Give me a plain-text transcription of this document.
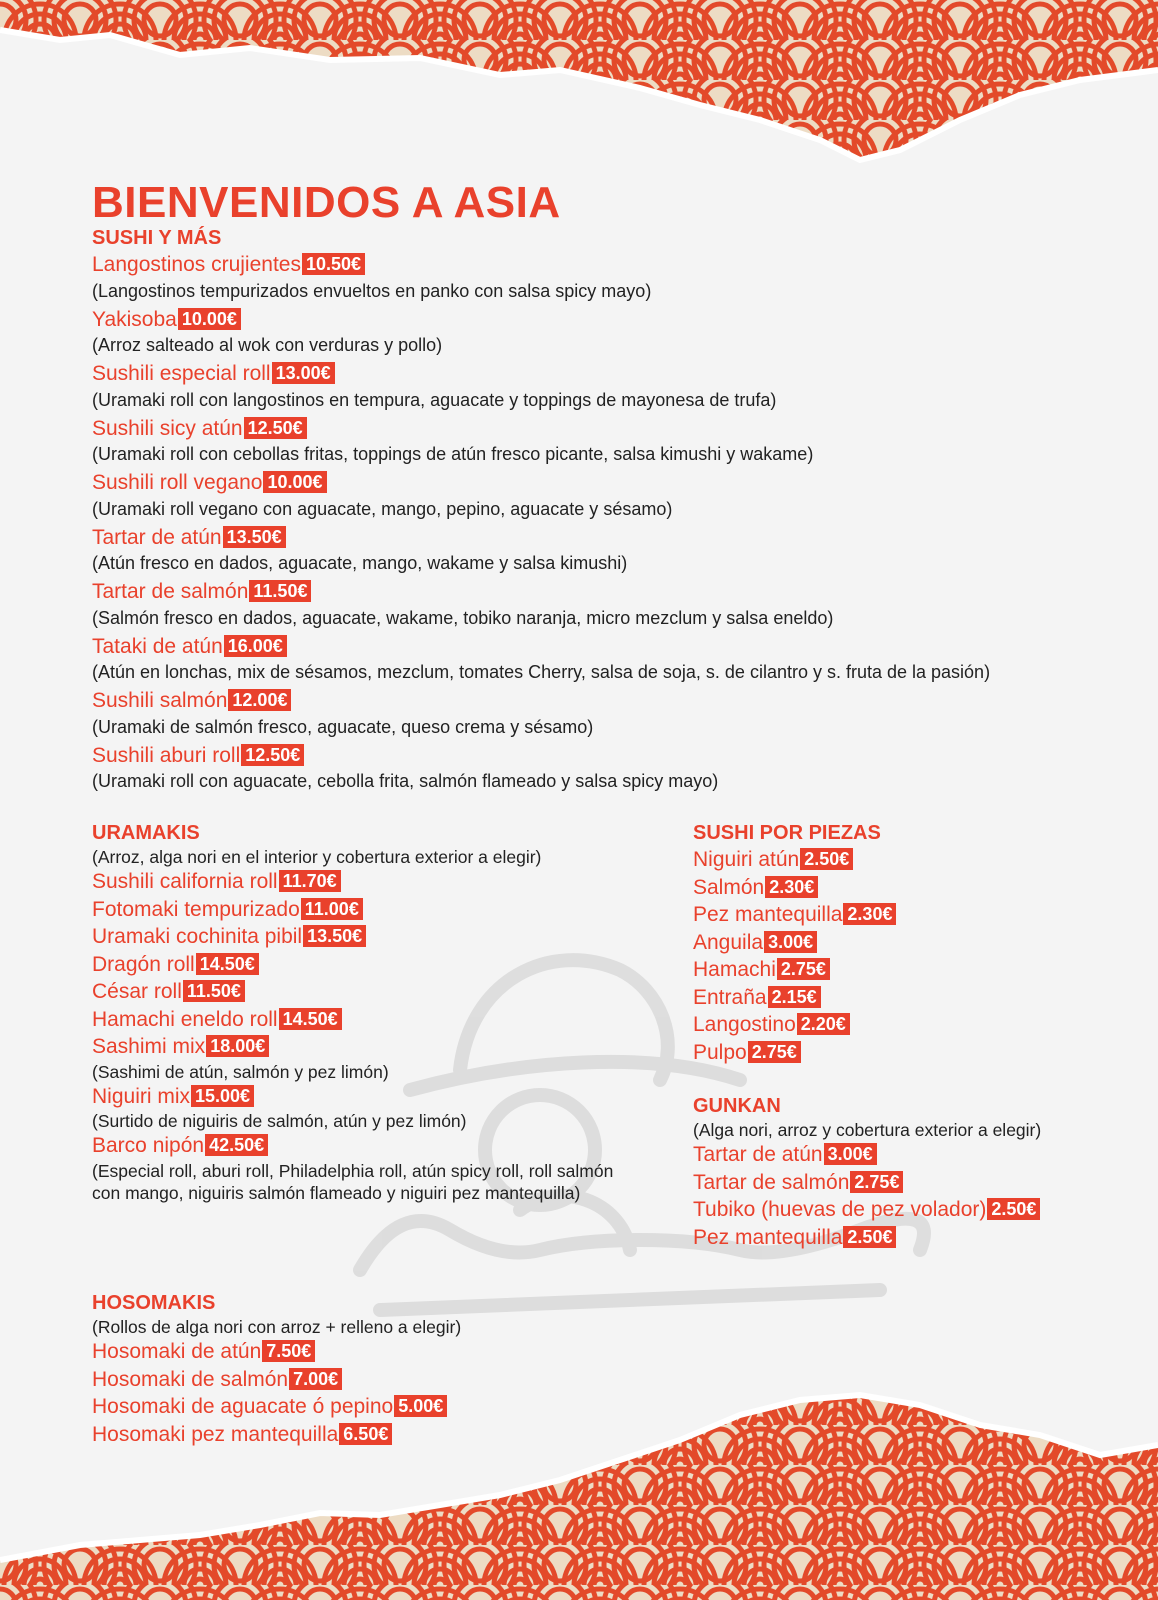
BIENVENIDOS A ASIA
SUSHI Y MÁS
Langostinos crujientes 10.50€
(Langostinos tempurizados envueltos en panko con salsa spicy mayo)
Yakisoba 10.00€
(Arroz salteado al wok con verduras y pollo)
Sushili especial roll 13.00€
(Uramaki roll con langostinos en tempura, aguacate y toppings de mayonesa de trufa)
Sushili sicy atún 12.50€
(Uramaki roll con cebollas fritas, toppings de atún fresco picante, salsa kimushi y wakame)
Sushili roll vegano 10.00€
(Uramaki roll vegano con aguacate, mango, pepino, aguacate y sésamo)
Tartar de atún 13.50€
(Atún fresco en dados, aguacate, mango, wakame y salsa kimushi)
Tartar de salmón 11.50€
(Salmón fresco en dados, aguacate, wakame, tobiko naranja, micro mezclum y salsa eneldo)
Tataki de atún 16.00€
(Atún en lonchas, mix de sésamos, mezclum, tomates Cherry, salsa de soja, s. de cilantro y s. fruta de la pasión)
Sushili salmón 12.00€
(Uramaki de salmón fresco, aguacate, queso crema y sésamo)
Sushili aburi roll 12.50€
(Uramaki roll con aguacate, cebolla frita, salmón flameado y salsa spicy mayo)
URAMAKIS
(Arroz, alga nori en el interior y cobertura exterior a elegir)
Sushili california roll 11.70€
Fotomaki tempurizado 11.00€
Uramaki cochinita pibil 13.50€
Dragón roll 14.50€
César roll 11.50€
Hamachi eneldo roll 14.50€
Sashimi mix 18.00€
(Sashimi de atún, salmón y pez limón)
Niguiri mix 15.00€
(Surtido de niguiris de salmón, atún y pez limón)
Barco nipón 42.50€
(Especial roll, aburi roll, Philadelphia roll, atún spicy roll, roll salmón con mango, niguiris salmón flameado y niguiri pez mantequilla)
SUSHI POR PIEZAS
Niguiri atún 2.50€
Salmón 2.30€
Pez mantequilla 2.30€
Anguila 3.00€
Hamachi 2.75€
Entraña 2.15€
Langostino 2.20€
Pulpo 2.75€
GUNKAN
(Alga nori, arroz y cobertura exterior a elegir)
Tartar de atún 3.00€
Tartar de salmón 2.75€
Tubiko (huevas de pez volador) 2.50€
Pez mantequilla 2.50€
HOSOMAKIS
(Rollos de alga nori con arroz + relleno a elegir)
Hosomaki de atún 7.50€
Hosomaki de salmón 7.00€
Hosomaki de aguacate ó pepino 5.00€
Hosomaki pez mantequilla 6.50€
